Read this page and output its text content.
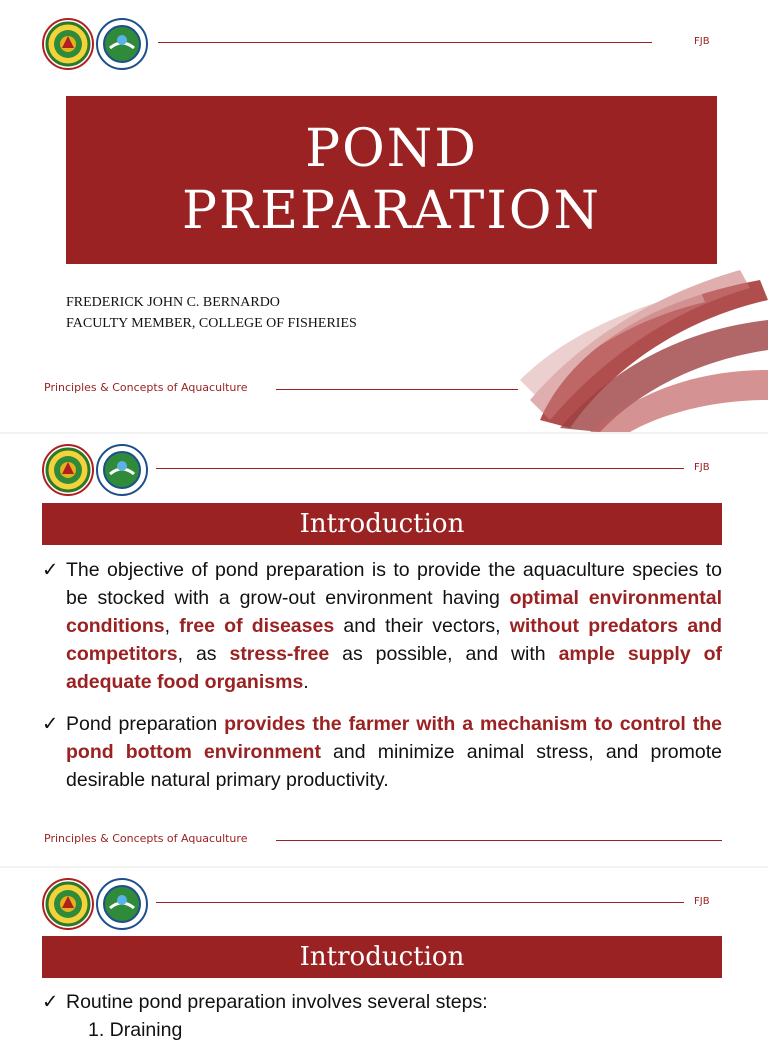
FJB
POND
PREPARATION
FREDERICK JOHN C. BERNARDO
FACULTY MEMBER, COLLEGE OF FISHERIES
Principles & Concepts of Aquaculture
FJB
Introduction
✓ The objective of pond preparation is to provide the aquaculture species to be stocked with a grow-out environment having optimal environmental conditions, free of diseases and their vectors, without predators and competitors, as stress-free as possible, and with ample supply of adequate food organisms.
✓ Pond preparation provides the farmer with a mechanism to control the pond bottom environment and minimize animal stress, and promote desirable natural primary productivity.
Principles & Concepts of Aquaculture
FJB
Introduction
✓ Routine pond preparation involves several steps:
1. Draining
